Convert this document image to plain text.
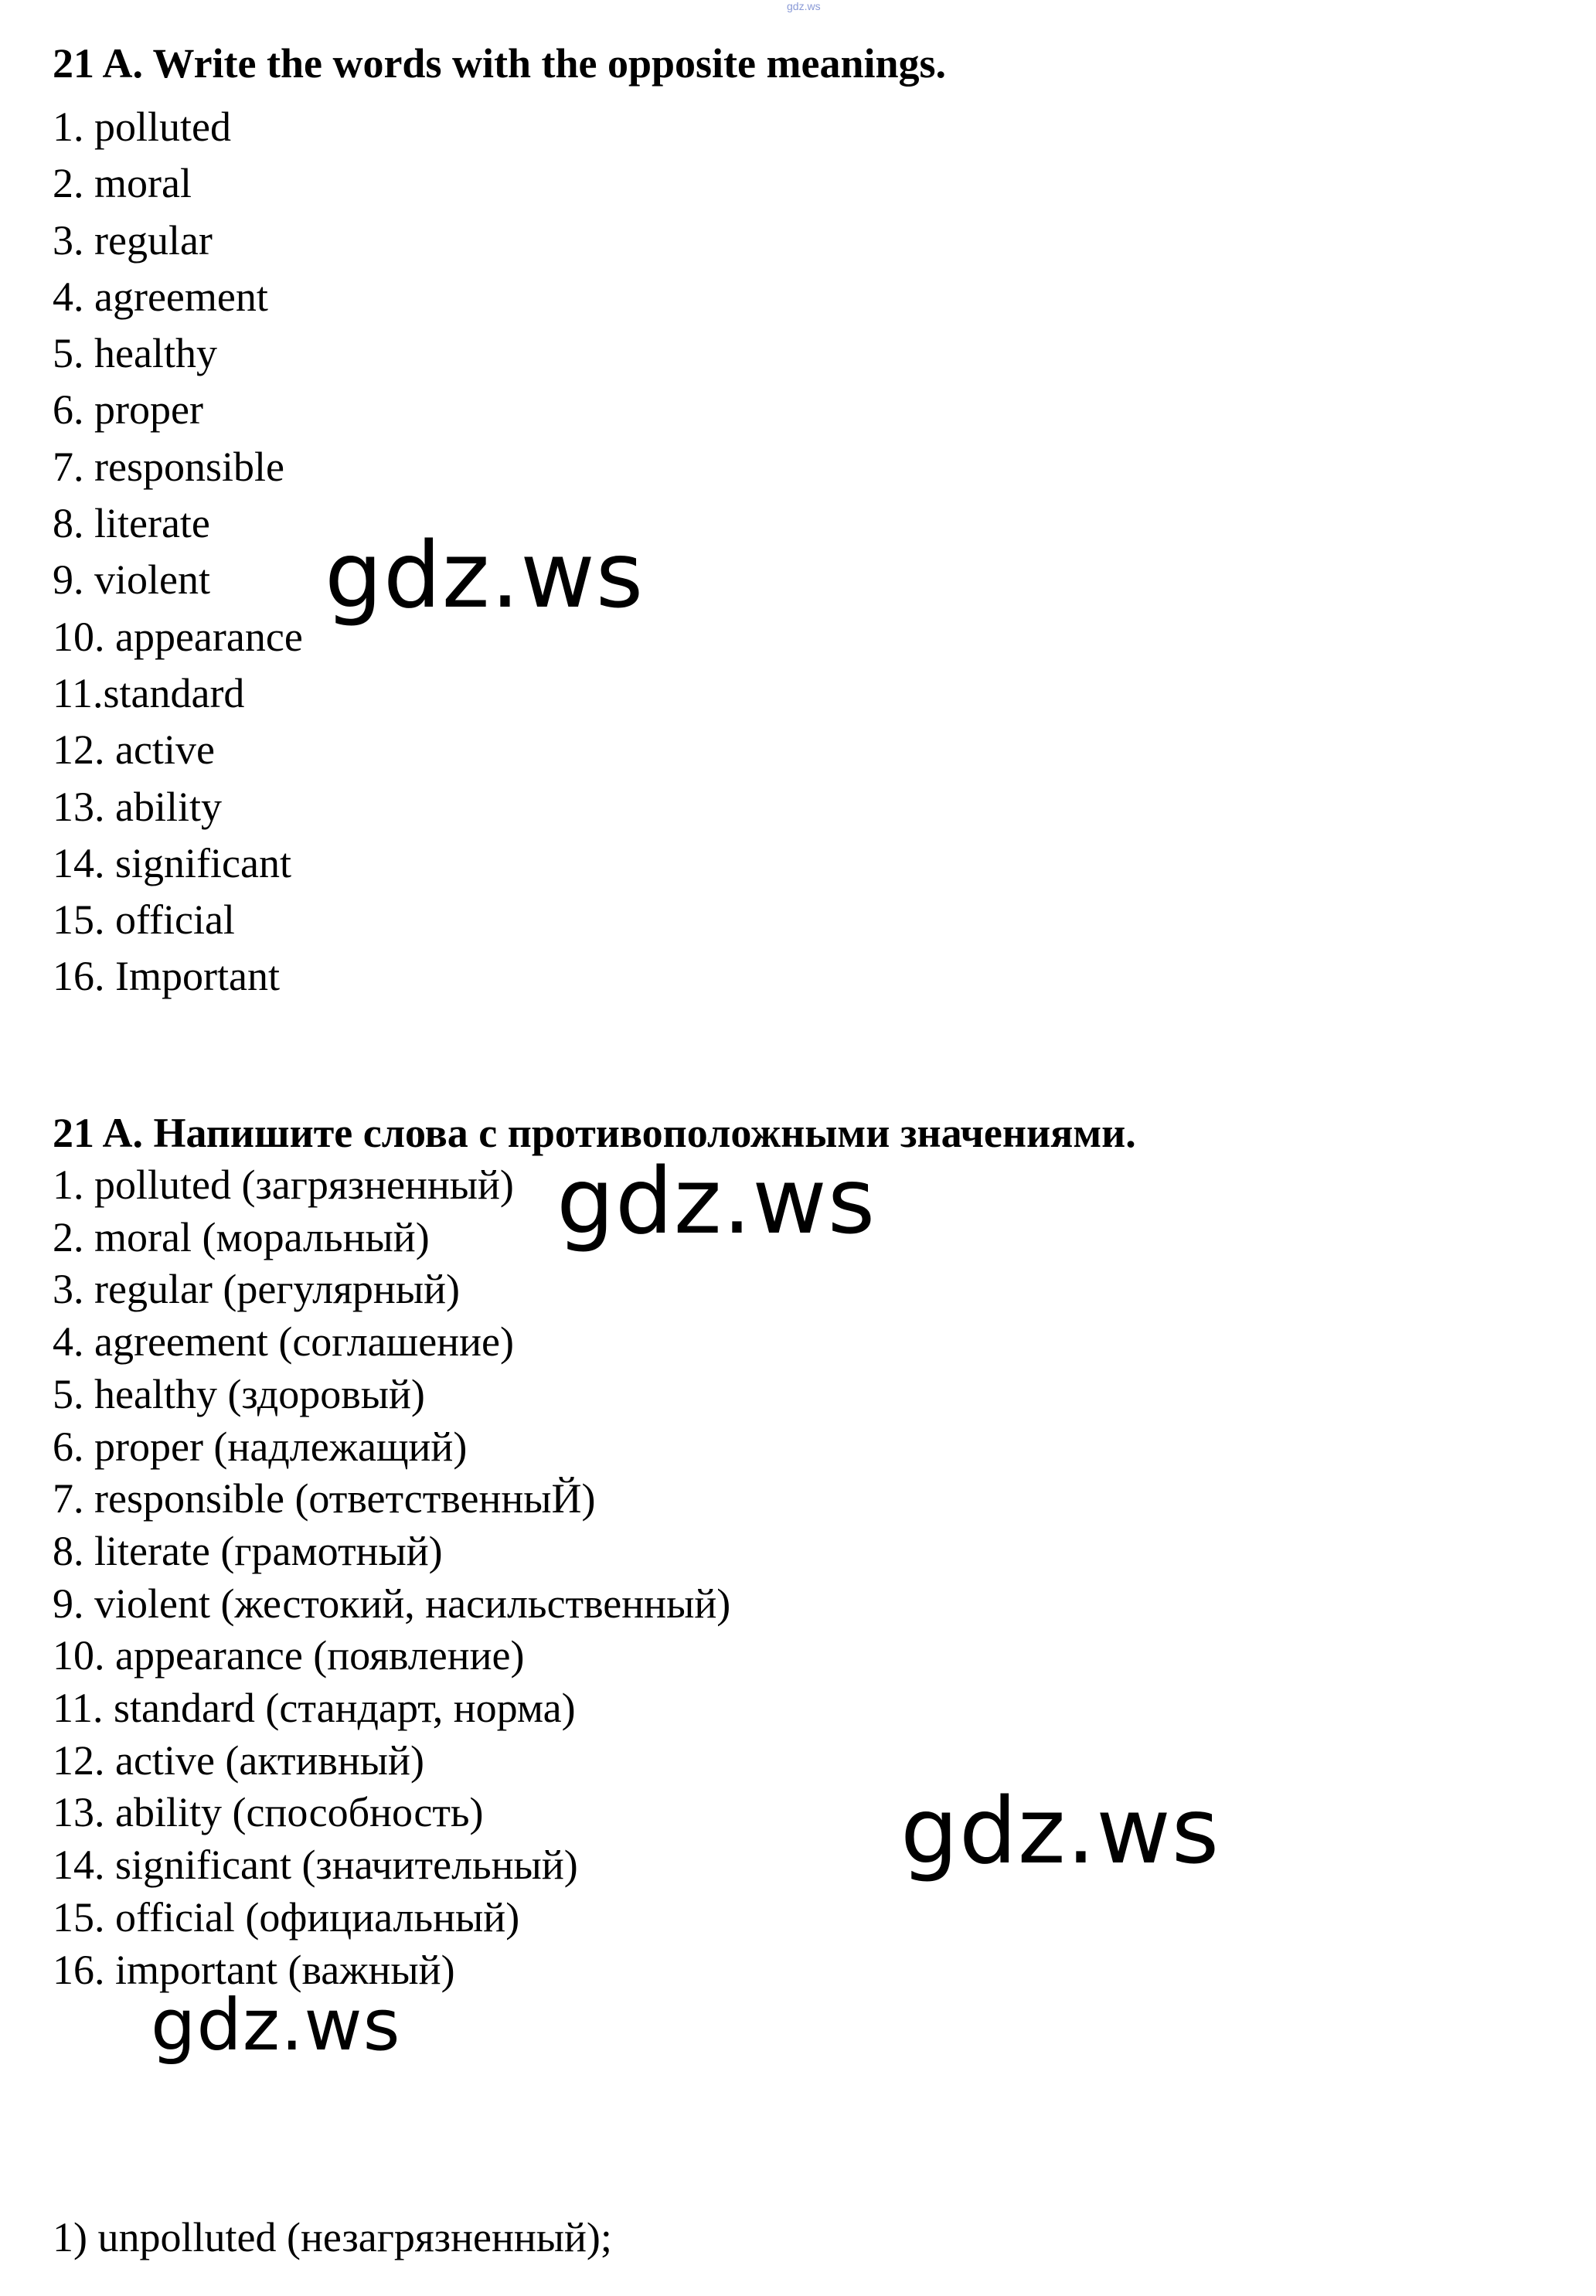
gdz.ws
21 A. Write the words with the opposite meanings.
1. polluted
2. moral
3. regular
4. agreement
5. healthy
6. proper
7. responsible
8. literate
9. violent
10. appearance
11.standard
12. active
13. ability
14. significant
15. official
16. Important
21 A. Напишите слова с противоположными значениями.
1. polluted (загрязненный)
2. moral (моральный)
3. regular (регулярный)
4. agreement (соглашение)
5. healthy (здоровый)
6. proper (надлежащий)
7. responsible (ответственныЙ)
8. literate (грамотный)
9. violent (жестокий, насильственный)
10. appearance (появление)
11. standard (стандарт, норма)
12. active (активный)
13. ability (способность)
14. significant (значительный)
15. official (официальный)
16. important (важный)
1) unpolluted (незагрязненный);
gdz.ws
gdz.ws
gdz.ws
gdz.ws
